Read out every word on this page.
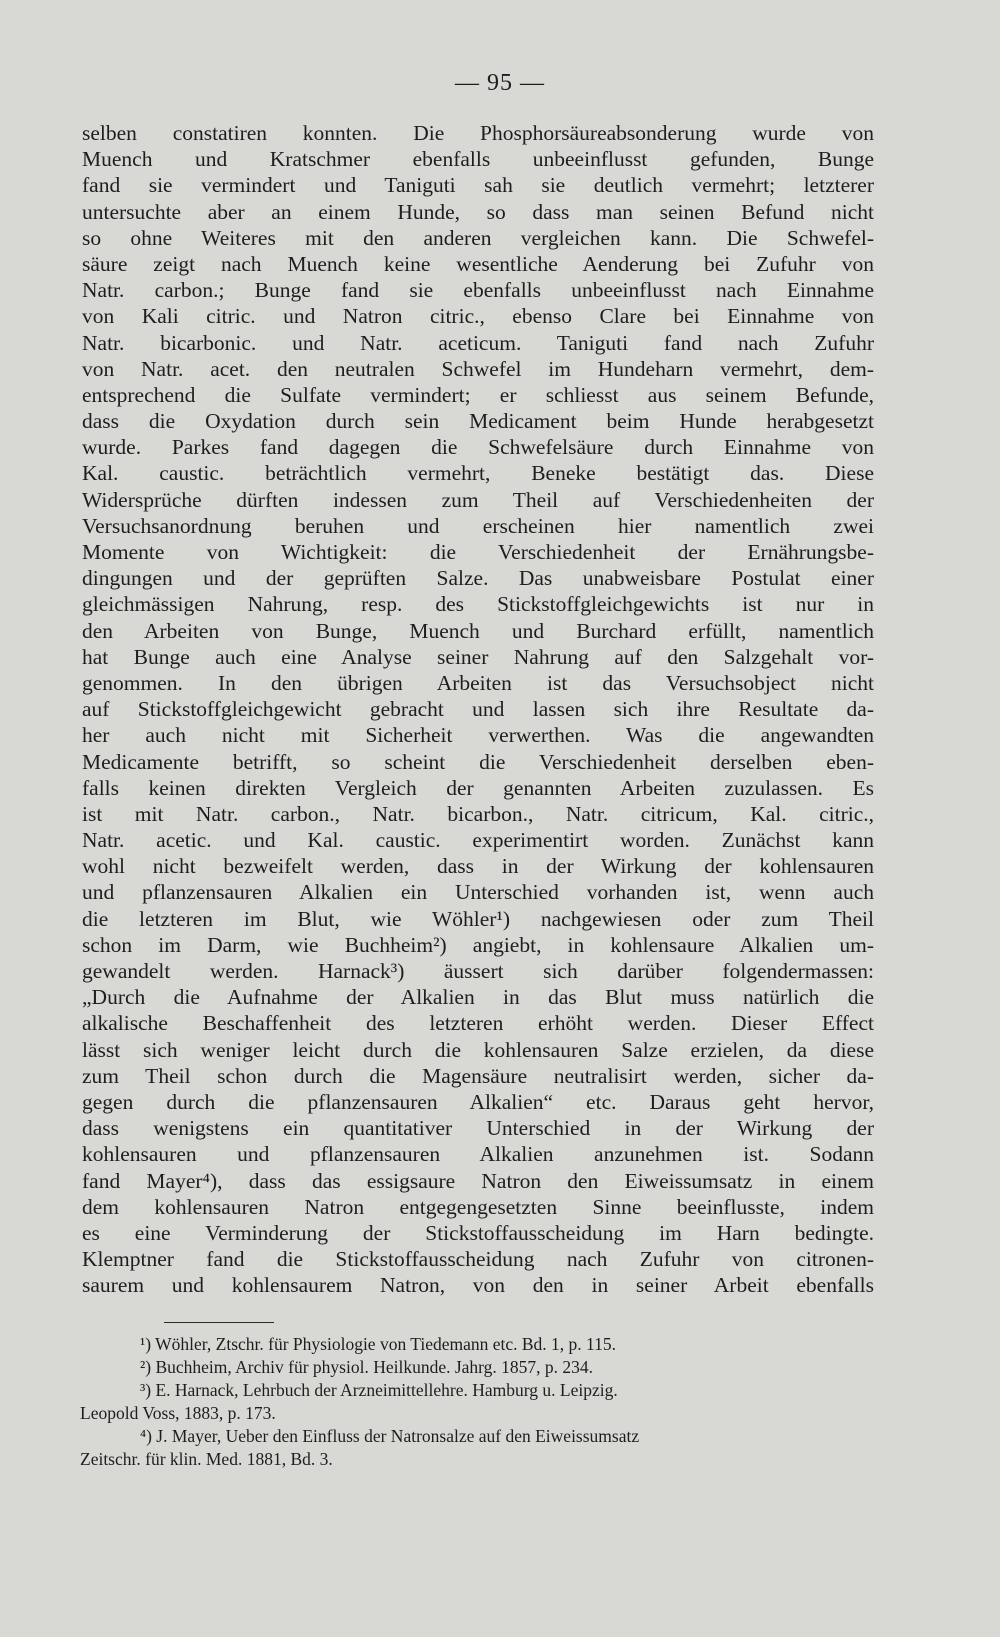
— 95 —
selben constatiren konnten. Die Phosphorsäureabsonderung wurde von
Muench und Kratschmer ebenfalls unbeeinflusst gefunden, Bunge
fand sie vermindert und Taniguti sah sie deutlich vermehrt; letzterer
untersuchte aber an einem Hunde, so dass man seinen Befund nicht
so ohne Weiteres mit den anderen vergleichen kann. Die Schwefel-
säure zeigt nach Muench keine wesentliche Aenderung bei Zufuhr von
Natr. carbon.; Bunge fand sie ebenfalls unbeeinflusst nach Einnahme
von Kali citric. und Natron citric., ebenso Clare bei Einnahme von
Natr. bicarbonic. und Natr. aceticum. Taniguti fand nach Zufuhr
von Natr. acet. den neutralen Schwefel im Hundeharn vermehrt, dem-
entsprechend die Sulfate vermindert; er schliesst aus seinem Befunde,
dass die Oxydation durch sein Medicament beim Hunde herabgesetzt
wurde. Parkes fand dagegen die Schwefelsäure durch Einnahme von
Kal. caustic. beträchtlich vermehrt, Beneke bestätigt das. Diese
Widersprüche dürften indessen zum Theil auf Verschiedenheiten der
Versuchsanordnung beruhen und erscheinen hier namentlich zwei
Momente von Wichtigkeit: die Verschiedenheit der Ernährungsbe-
dingungen und der geprüften Salze. Das unabweisbare Postulat einer
gleichmässigen Nahrung, resp. des Stickstoffgleichgewichts ist nur in
den Arbeiten von Bunge, Muench und Burchard erfüllt, namentlich
hat Bunge auch eine Analyse seiner Nahrung auf den Salzgehalt vor-
genommen. In den übrigen Arbeiten ist das Versuchsobject nicht
auf Stickstoffgleichgewicht gebracht und lassen sich ihre Resultate da-
her auch nicht mit Sicherheit verwerthen. Was die angewandten
Medicamente betrifft, so scheint die Verschiedenheit derselben eben-
falls keinen direkten Vergleich der genannten Arbeiten zuzulassen. Es
ist mit Natr. carbon., Natr. bicarbon., Natr. citricum, Kal. citric.,
Natr. acetic. und Kal. caustic. experimentirt worden. Zunächst kann
wohl nicht bezweifelt werden, dass in der Wirkung der kohlensauren
und pflanzensauren Alkalien ein Unterschied vorhanden ist, wenn auch
die letzteren im Blut, wie Wöhler¹) nachgewiesen oder zum Theil
schon im Darm, wie Buchheim²) angiebt, in kohlensaure Alkalien um-
gewandelt werden. Harnack³) äussert sich darüber folgendermassen:
„Durch die Aufnahme der Alkalien in das Blut muss natürlich die
alkalische Beschaffenheit des letzteren erhöht werden. Dieser Effect
lässt sich weniger leicht durch die kohlensauren Salze erzielen, da diese
zum Theil schon durch die Magensäure neutralisirt werden, sicher da-
gegen durch die pflanzensauren Alkalien“ etc. Daraus geht hervor,
dass wenigstens ein quantitativer Unterschied in der Wirkung der
kohlensauren und pflanzensauren Alkalien anzunehmen ist. Sodann
fand Mayer⁴), dass das essigsaure Natron den Eiweissumsatz in einem
dem kohlensauren Natron entgegengesetzten Sinne beeinflusste, indem
es eine Verminderung der Stickstoffausscheidung im Harn bedingte.
Klemptner fand die Stickstoffausscheidung nach Zufuhr von citronen-
saurem und kohlensaurem Natron, von den in seiner Arbeit ebenfalls
¹) Wöhler, Ztschr. für Physiologie von Tiedemann etc. Bd. 1, p. 115.
²) Buchheim, Archiv für physiol. Heilkunde. Jahrg. 1857, p. 234.
³) E. Harnack, Lehrbuch der Arzneimittellehre. Hamburg u. Leipzig.
Leopold Voss, 1883, p. 173.
⁴) J. Mayer, Ueber den Einfluss der Natronsalze auf den Eiweissumsatz
Zeitschr. für klin. Med. 1881, Bd. 3.
